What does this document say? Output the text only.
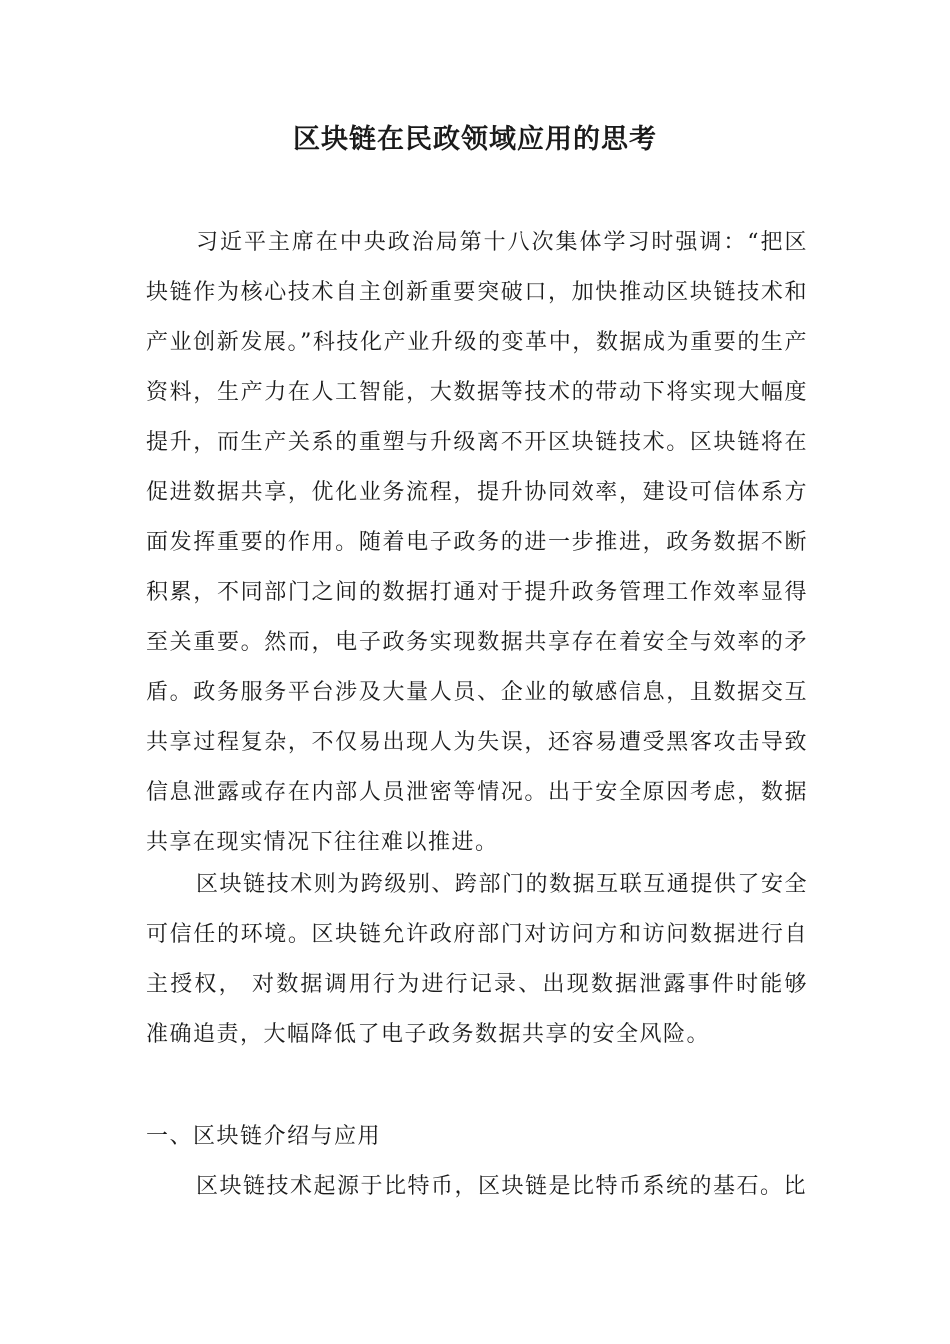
区块链在民政领域应用的思考

习近平主席在中央政治局第十八次集体学习时强调：“把区块链作为核心技术自主创新重要突破口，加快推动区块链技术和产业创新发展。”科技化产业升级的变革中，数据成为重要的生产资料，生产力在人工智能，大数据等技术的带动下将实现大幅度提升，而生产关系的重塑与升级离不开区块链技术。区块链将在促进数据共享，优化业务流程，提升协同效率，建设可信体系方面发挥重要的作用。随着电子政务的进一步推进，政务数据不断积累，不同部门之间的数据打通对于提升政务管理工作效率显得至关重要。然而，电子政务实现数据共享存在着安全与效率的矛盾。政务服务平台涉及大量人员、企业的敏感信息，且数据交互共享过程复杂，不仅易出现人为失误，还容易遭受黑客攻击导致信息泄露或存在内部人员泄密等情况。出于安全原因考虑，数据共享在现实情况下往往难以推进。

区块链技术则为跨级别、跨部门的数据互联互通提供了安全可信任的环境。区块链允许政府部门对访问方和访问数据进行自主授权， 对数据调用行为进行记录、出现数据泄露事件时能够准确追责，大幅降低了电子政务数据共享的安全风险。

一、区块链介绍与应用

区块链技术起源于比特币，区块链是比特币系统的基石。比
